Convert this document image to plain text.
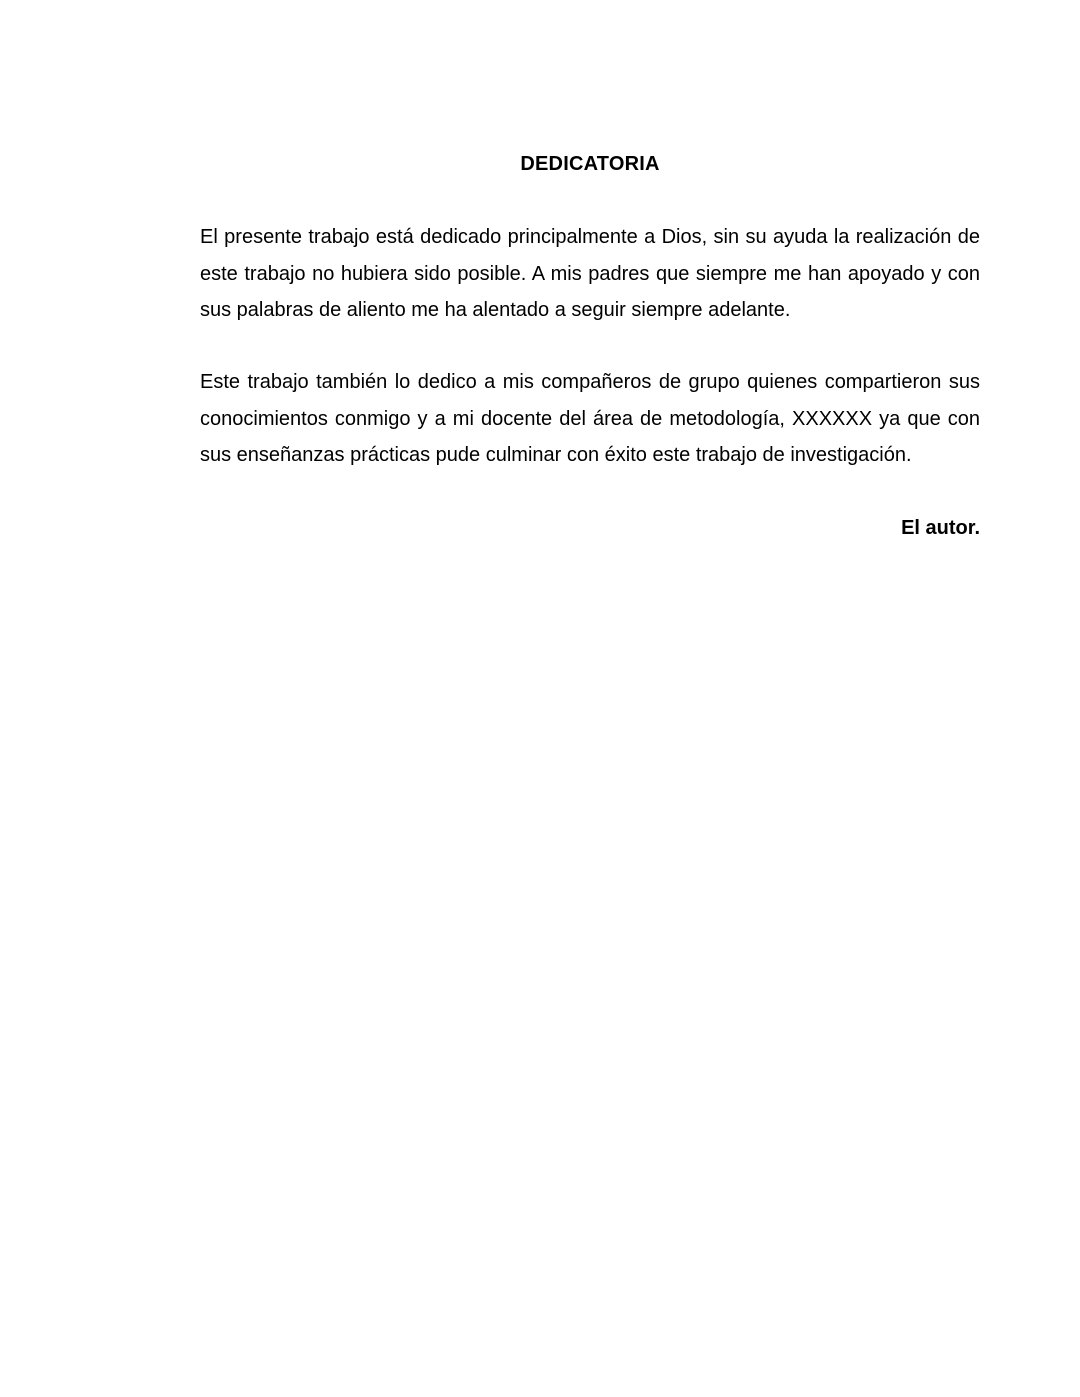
DEDICATORIA

El presente trabajo está dedicado principalmente a Dios, sin su ayuda la realización de este trabajo no hubiera sido posible. A mis padres que siempre me han apoyado y con sus palabras de aliento me ha alentado a seguir siempre adelante.

Este trabajo también lo dedico a mis compañeros de grupo quienes compartieron sus conocimientos conmigo y a mi docente del área de metodología, XXXXXX ya que con sus enseñanzas prácticas pude culminar con éxito este trabajo de investigación.

El autor.
